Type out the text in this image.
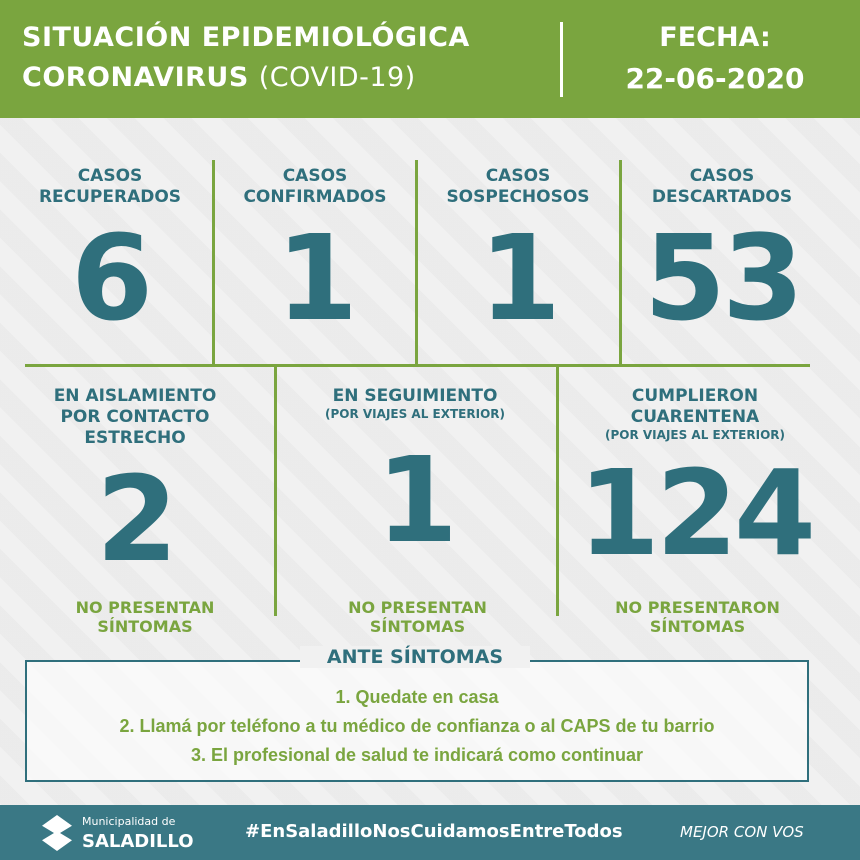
SITUACIÓN EPIDEMIOLÓGICA
CORONAVIRUS (COVID-19)
FECHA:
22-06-2020
CASOS
RECUPERADOS
6
CASOS
CONFIRMADOS
1
CASOS
SOSPECHOSOS
1
CASOS
DESCARTADOS
53
EN AISLAMIENTO POR CONTACTO ESTRECHO
2
EN SEGUIMIENTO
(POR VIAJES AL EXTERIOR)
1
CUMPLIERON CUARENTENA
(POR VIAJES AL EXTERIOR)
124
NO PRESENTAN
SÍNTOMAS
NO PRESENTAN
SÍNTOMAS
NO PRESENTARON
SÍNTOMAS
ANTE SÍNTOMAS
1. Quedate en casa
2. Llamá por teléfono a tu médico de confianza o al CAPS de tu barrio
3. El profesional de salud te indicará como continuar
Municipalidad de
SALADILLO	#EnSaladilloNosCuidamosEntreTodos	MEJOR CON VOS
